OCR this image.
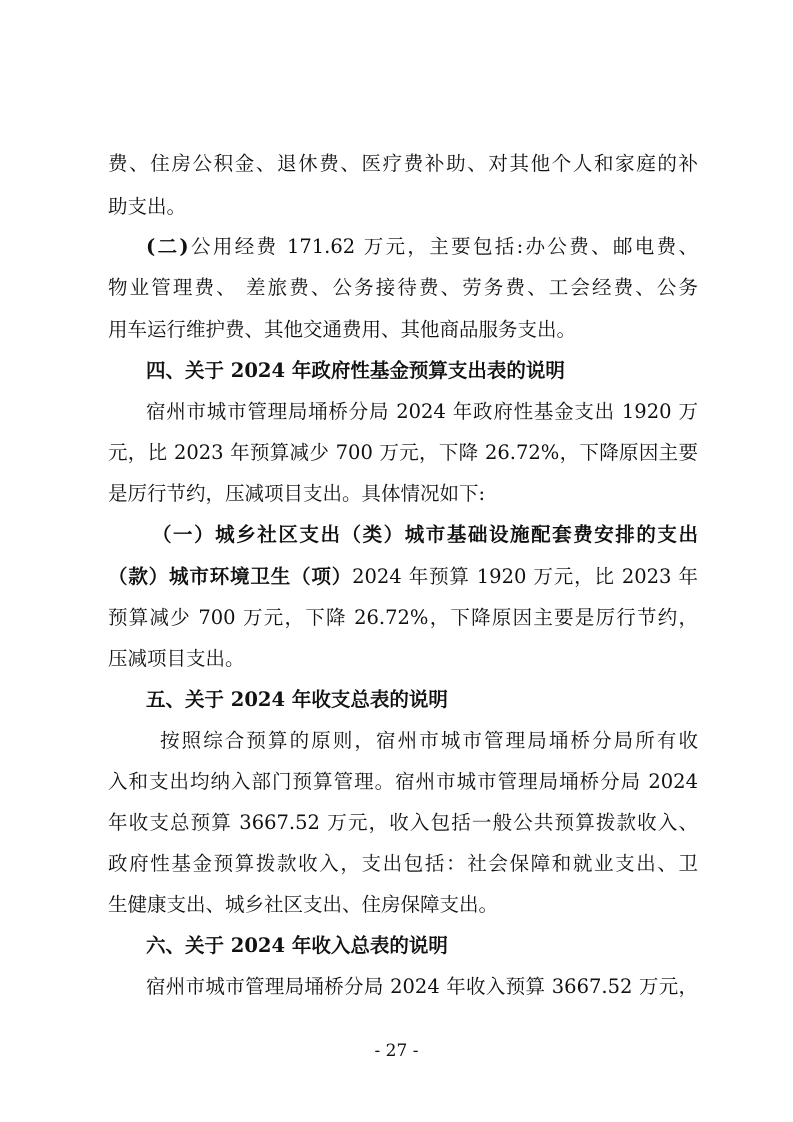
费、住房公积金、退休费、医疗费补助、对其他个人和家庭的补
助支出。
(二)公用经费 171.62 万元，主要包括:办公费、邮电费、
物业管理费、 差旅费、公务接待费、劳务费、工会经费、公务
用车运行维护费、其他交通费用、其他商品服务支出。
四、关于 2024 年政府性基金预算支出表的说明
宿州市城市管理局埇桥分局 2024 年政府性基金支出 1920 万
元，比 2023 年预算减少 700 万元，下降 26.72%，下降原因主要
是厉行节约，压减项目支出。具体情况如下:
（一）城乡社区支出（类）城市基础设施配套费安排的支出
（款）城市环境卫生（项）2024 年预算 1920 万元，比 2023 年
预算减少 700 万元，下降 26.72%，下降原因主要是厉行节约，
压减项目支出。
五、关于 2024 年收支总表的说明
按照综合预算的原则，宿州市城市管理局埇桥分局所有收
入和支出均纳入部门预算管理。宿州市城市管理局埇桥分局 2024
年收支总预算 3667.52 万元，收入包括一般公共预算拨款收入、
政府性基金预算拨款收入，支出包括：社会保障和就业支出、卫
生健康支出、城乡社区支出、住房保障支出。
六、关于 2024 年收入总表的说明
宿州市城市管理局埇桥分局 2024 年收入预算 3667.52 万元，
- 27 -
